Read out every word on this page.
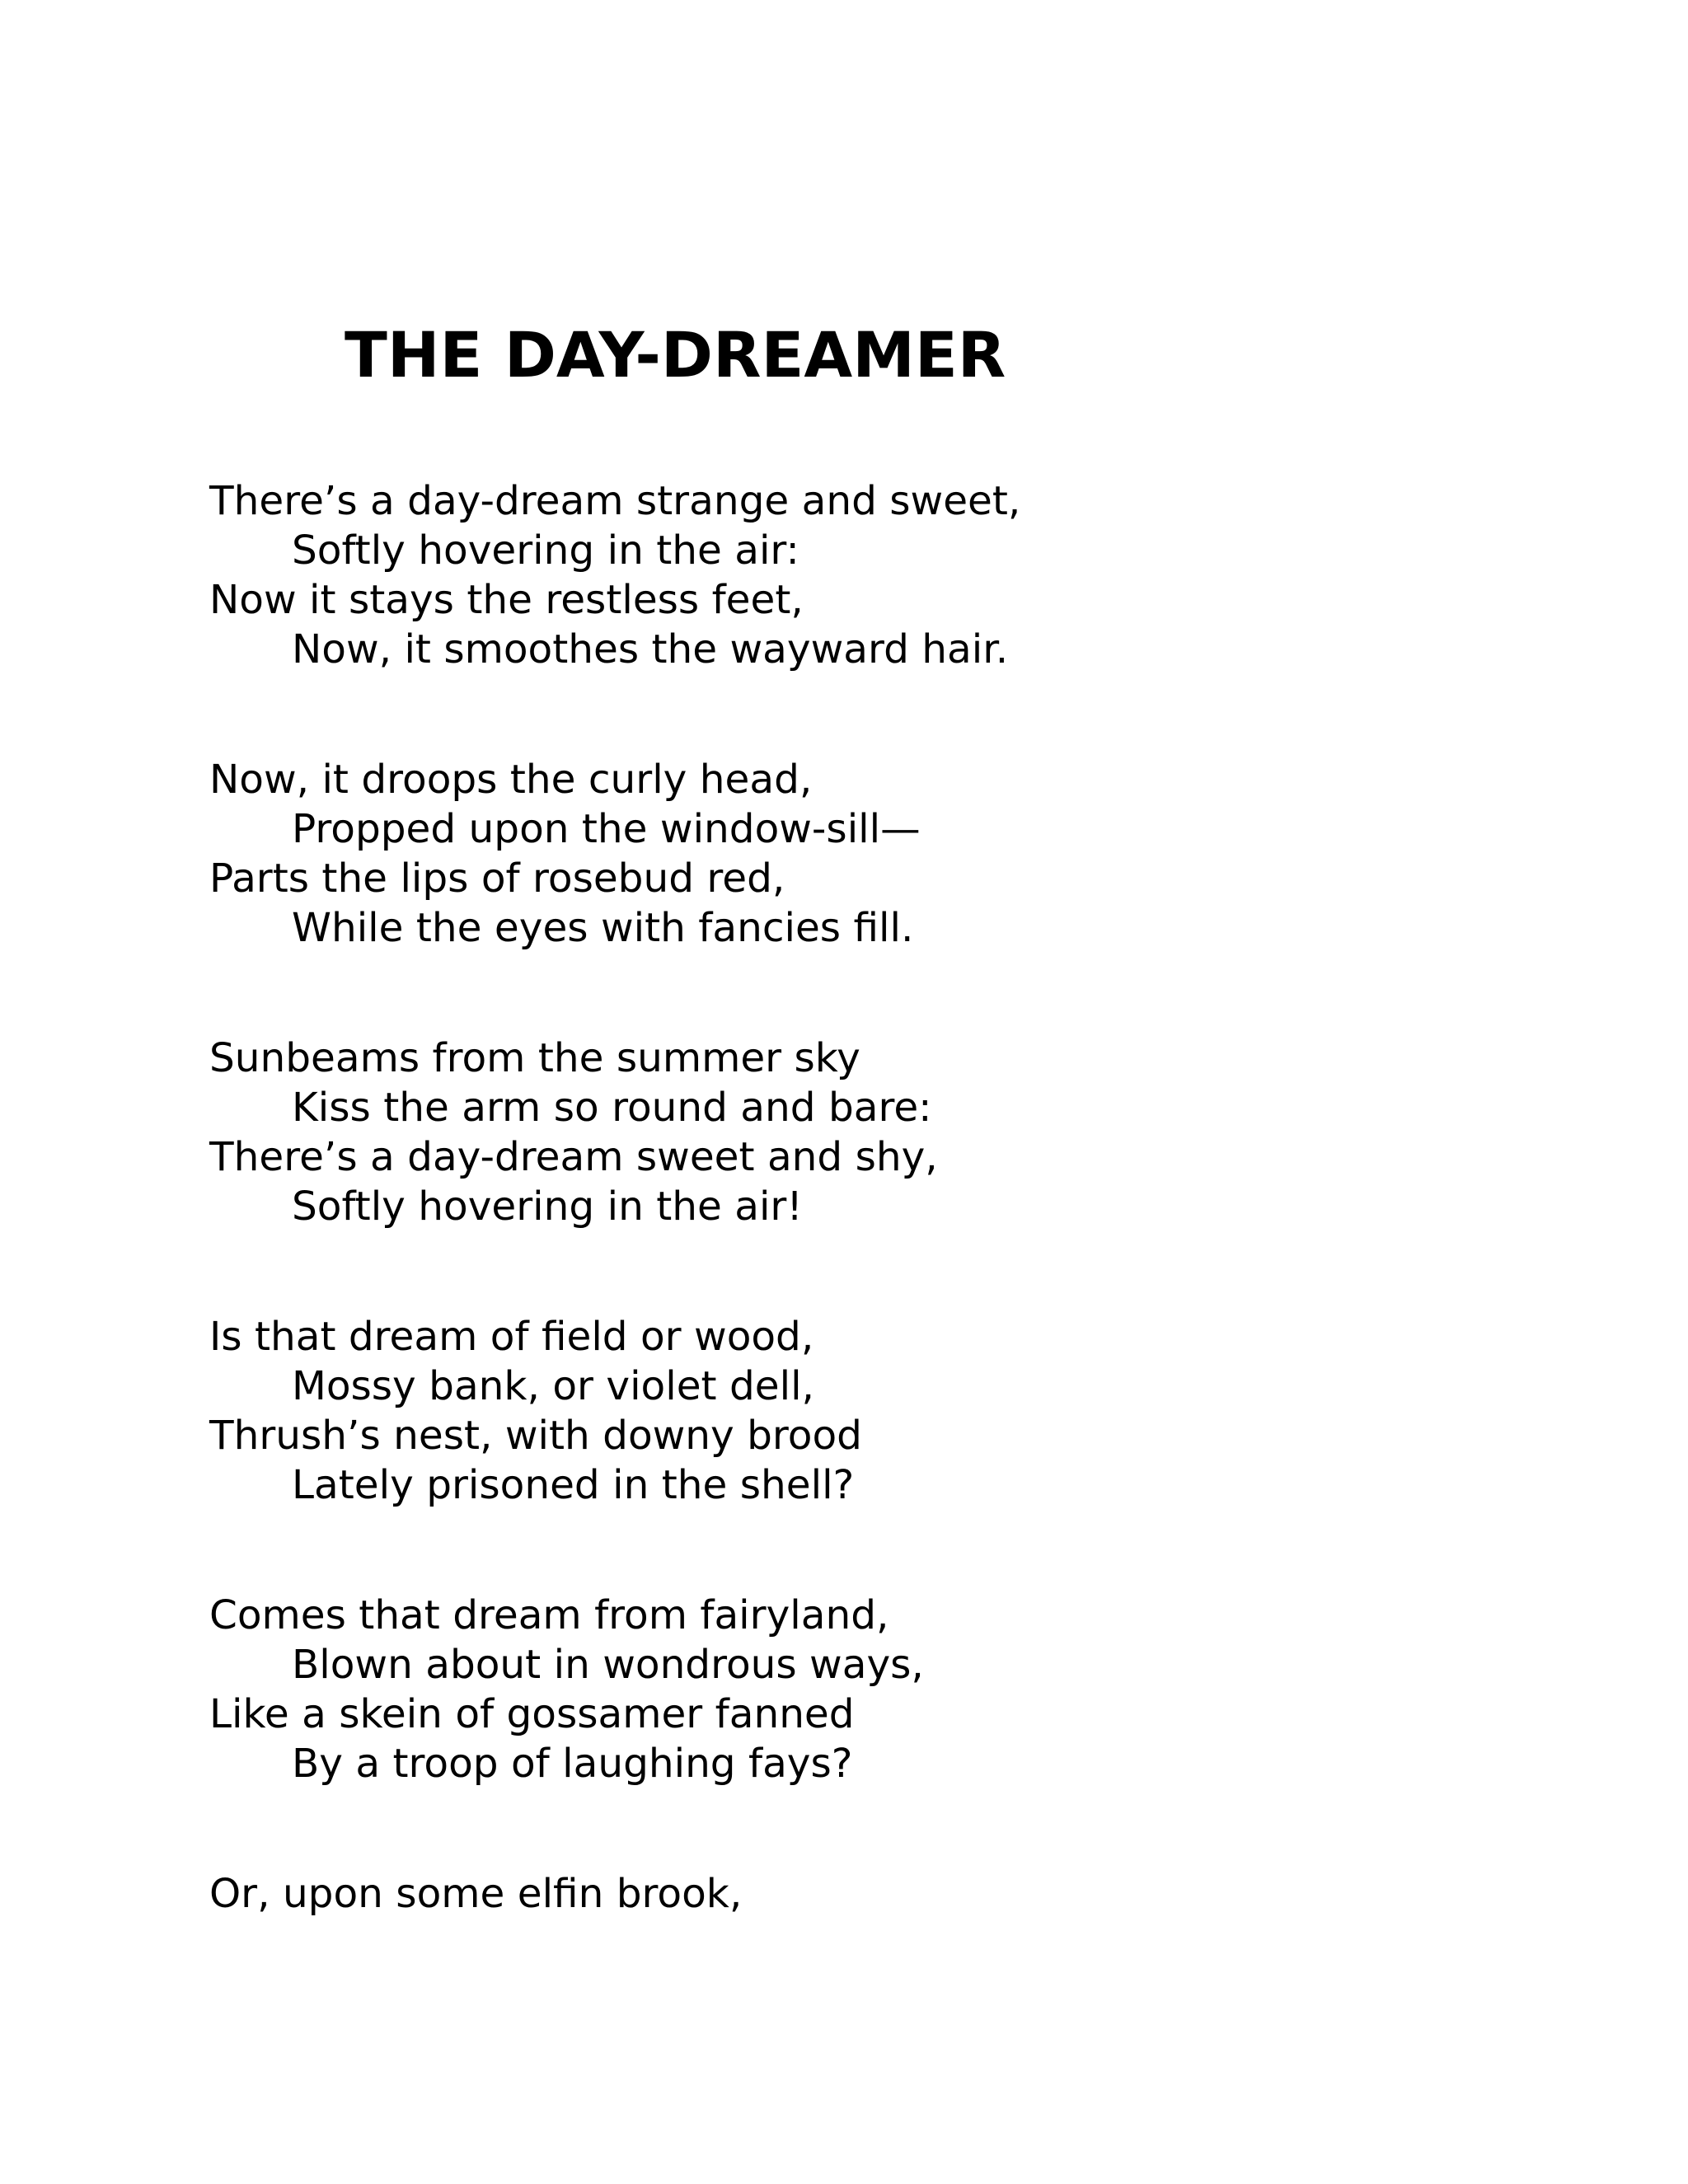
THE DAY-DREAMER
There’s a day-dream strange and sweet,
Softly hovering in the air:
Now it stays the restless feet,
Now, it smoothes the wayward hair.
Now, it droops the curly head,
Propped upon the window-sill—
Parts the lips of rosebud red,
While the eyes with fancies fill.
Sunbeams from the summer sky
Kiss the arm so round and bare:
There’s a day-dream sweet and shy,
Softly hovering in the air!
Is that dream of field or wood,
Mossy bank, or violet dell,
Thrush’s nest, with downy brood
Lately prisoned in the shell?
Comes that dream from fairyland,
Blown about in wondrous ways,
Like a skein of gossamer fanned
By a troop of laughing fays?
Or, upon some elfin brook,
